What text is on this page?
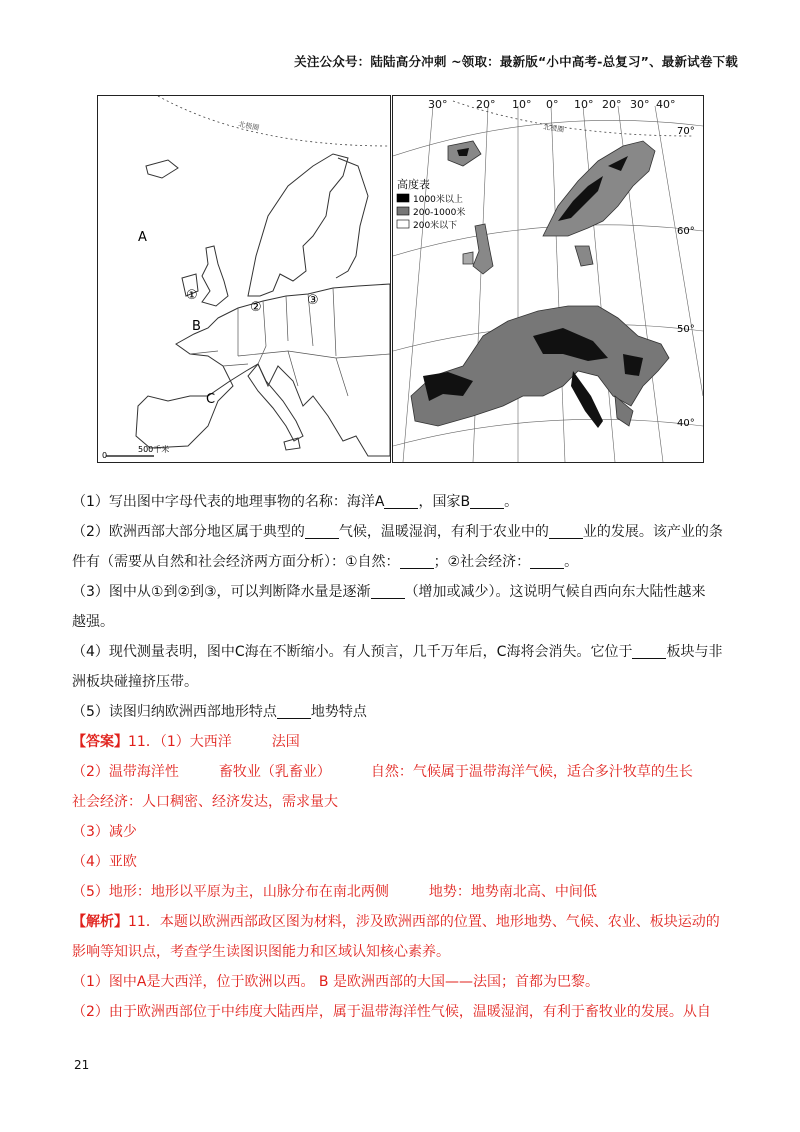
关注公众号：陆陆高分冲刺 ~领取：最新版“小中高考-总复习”、最新试卷下载
北极圈
0
500千米
A
B
C
①
②	③
北极圈
高度表
1000米以上
200-1000米
200米以下
70°
60°
50°
40°
30°	20° 10° 0° 10° 20° 30° 40°

（1）写出图中字母代表的地理事物的名称：海洋A ，国家B 。

（2）欧洲西部大部分地区属于典型的 气候，温暖湿润，有利于农业中的 业的发展。该产业的条

件有（需要从自然和社会经济两方面分析）：①自然： ；②社会经济： 。

（3）图中从①到②到③，可以判断降水量是逐渐 （增加或减少）。这说明气候自西向东大陆性越来

越强。

（4）现代测量表明，图中C海在不断缩小。有人预言，几千万年后，C海将会消失。它位于 板块与非

洲板块碰撞挤压带。

（5）读图归纳欧洲西部地形特点 地势特点

【答案】11．（1）大西洋	法国

（2）温带海洋性	畜牧业（乳畜业）	自然：气候属于温带海洋气候，适合多汁牧草的生长

社会经济：人口稠密、经济发达，需求量大

（3）减少

（4）亚欧

（5）地形：地形以平原为主，山脉分布在南北两侧	地势：地势南北高、中间低

【解析】11．本题以欧洲西部政区图为材料，涉及欧洲西部的位置、地形地势、气候、农业、板块运动的

影响等知识点，考查学生读图识图能力和区域认知核心素养。

（1）图中A是大西洋，位于欧洲以西。 B 是欧洲西部的大国——法国；首都为巴黎。

（2）由于欧洲西部位于中纬度大陆西岸，属于温带海洋性气候，温暖湿润，有利于畜牧业的发展。从自

21
